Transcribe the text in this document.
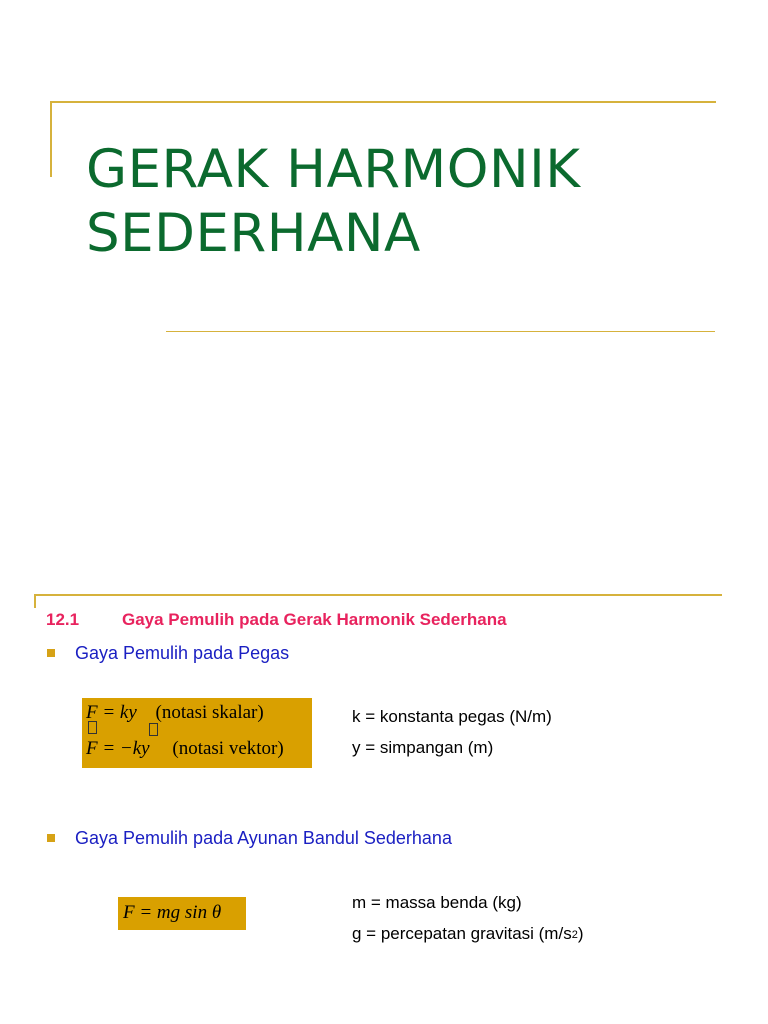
GERAK HARMONIK
SEDERHANA
12.1	Gaya Pemulih pada Gerak Harmonik Sederhana
Gaya Pemulih pada Pegas
F = ky (notasi skalar)
F = −ky (notasi vektor)
k = konstanta pegas (N/m)
y = simpangan (m)
Gaya Pemulih pada Ayunan Bandul Sederhana
F = mg sin θ	m = massa benda (kg)
g = percepatan gravitasi (m/s2)
